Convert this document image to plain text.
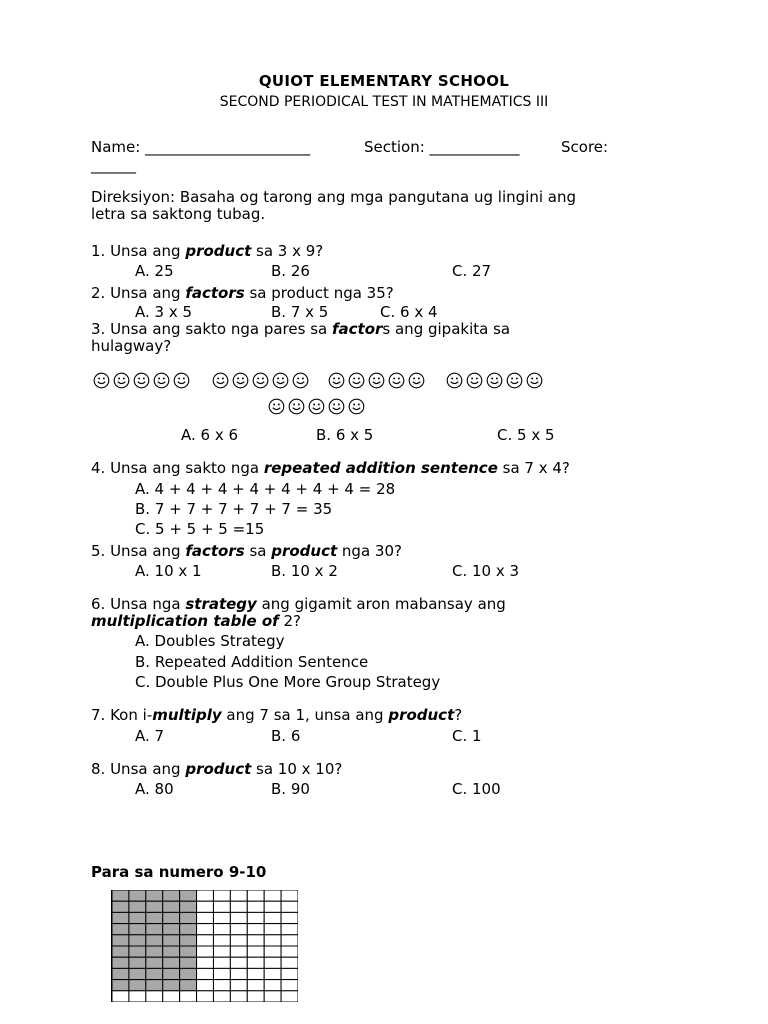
QUIOT ELEMENTARY SCHOOL
SECOND PERIODICAL TEST IN MATHEMATICS III
Name: ______________________	Section: ____________	Score:
______
Direksiyon: Basaha og tarong ang mga pangutana ug lingini ang
letra sa saktong tubag.
1. Unsa ang product sa 3 x 9?
A. 25	B. 26	C. 27
2. Unsa ang factors sa product nga 35?
A. 3 x 5	B. 7 x 5	C. 6 x 4
3. Unsa ang sakto nga pares sa factors ang gipakita sa
hulagway?
A. 6 x 6	B. 6 x 5	C. 5 x 5
4. Unsa ang sakto nga repeated addition sentence sa 7 x 4?
A. 4 + 4 + 4 + 4 + 4 + 4 + 4 = 28
B. 7 + 7 + 7 + 7 + 7 = 35
C. 5 + 5 + 5 =15
5. Unsa ang factors sa product nga 30?
A. 10 x 1	B. 10 x 2	C. 10 x 3
6. Unsa nga strategy ang gigamit aron mabansay ang
multiplication table of 2?
A. Doubles Strategy
B. Repeated Addition Sentence
C. Double Plus One More Group Strategy
7. Kon i-multiply ang 7 sa 1, unsa ang product?
A. 7	B. 6	C. 1
8. Unsa ang product sa 10 x 10?
A. 80	B. 90	C. 100
Para sa numero 9-10
